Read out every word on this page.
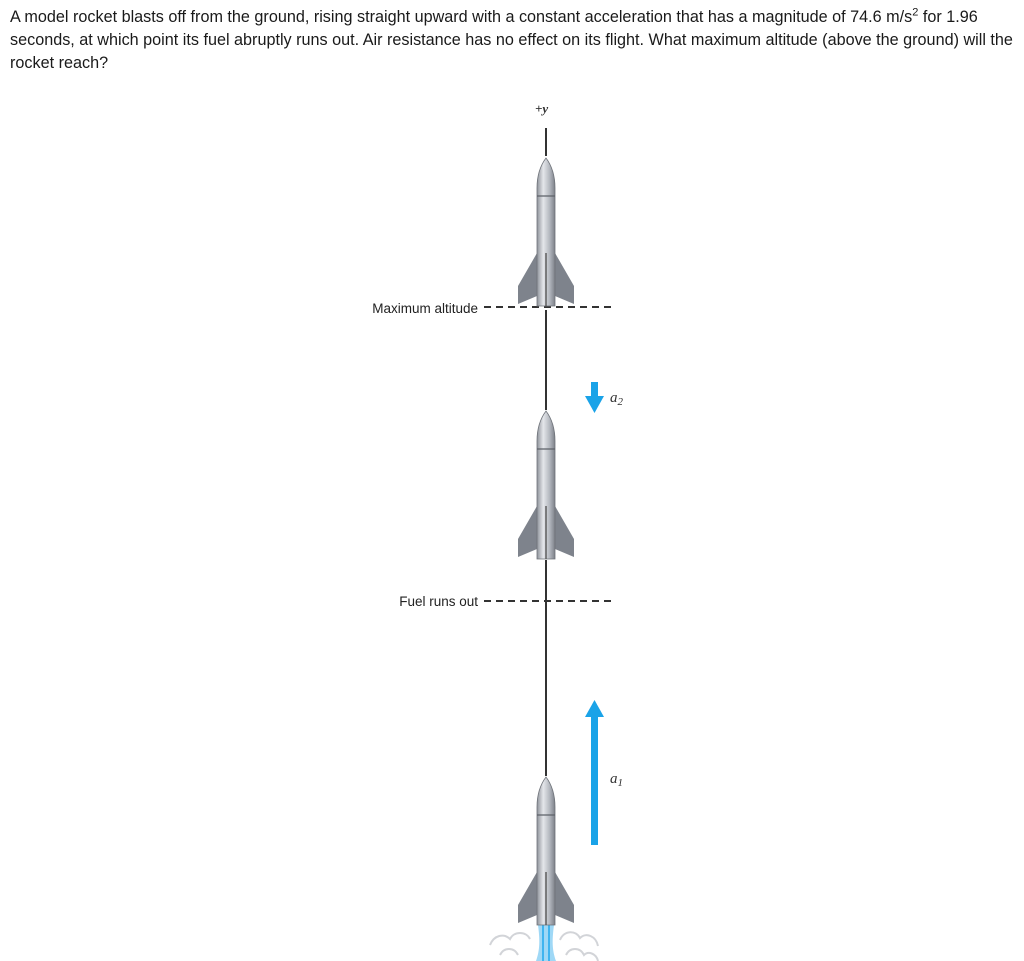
A model rocket blasts off from the ground, rising straight upward with a constant acceleration that has a magnitude of 74.6 $m/s^2$ for 1.96 seconds, at which point its fuel abruptly runs out. Air resistance has no effect on its flight. What maximum altitude (above the ground) will the rocket reach?
+y
Maximum altitude
Fuel runs out
$a_2$
$a_1$
